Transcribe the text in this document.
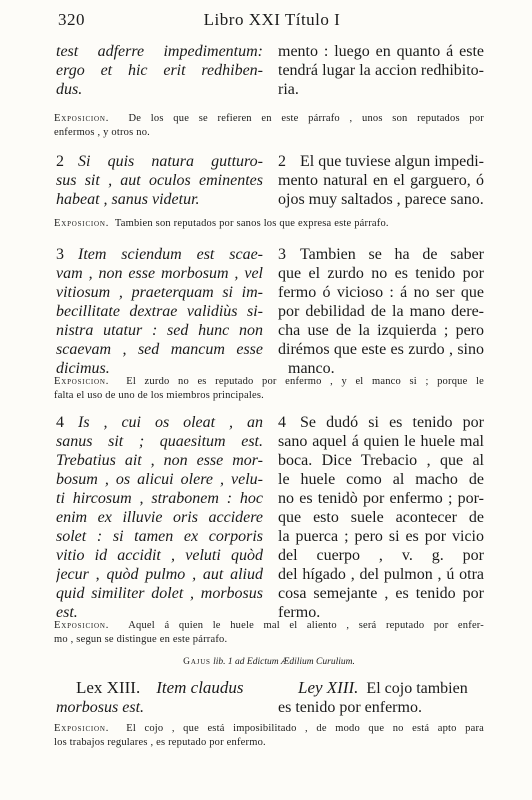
320	Libro XXI Título I
test adferre impedimentum:
ergo et hic erit redhiben-
dus.
mento : luego en quanto á este
tendrá lugar la accion redhibito-
ria.
Exposicion. De los que se refieren en este párrafo , unos son reputados por
enfermos , y otros no.
2 Si quis natura gutturo-
sus sit , aut oculos eminentes
habeat , sanus videtur.
2 El que tuviese algun impedi-
mento natural en el garguero, ó
ojos muy saltados , parece sano.
Exposicion. Tambien son reputados por sanos los que expresa este párrafo.
3 Item sciendum est scae-
vam , non esse morbosum , vel
vitiosum , praeterquam si im-
becillitate dextrae validiùs si-
nistra utatur : sed hunc non
scaevam , sed mancum esse
dicimus.
3 Tambien se ha de saber
que el zurdo no es tenido por
fermo ó vicioso : á no ser que
por debilidad de la mano dere-
cha use de la izquierda ; pero
dirémos que este es zurdo , sino
manco.
Exposicion. El zurdo no es reputado por enfermo , y el manco si ; porque le
falta el uso de uno de los miembros principales.
4 Is , cui os oleat , an
sanus sit ; quaesitum est.
Trebatius ait , non esse mor-
bosum , os alicui olere , velu-
ti hircosum , strabonem : hoc
enim ex illuvie oris accidere
solet : si tamen ex corporis
vitio id accidit , veluti quòd
jecur , quòd pulmo , aut aliud
quid similiter dolet , morbosus
est.
4 Se dudó si es tenido por
sano aquel á quien le huele mal
boca. Dice Trebacio , que al
le huele como al macho de
no es tenidò por enfermo ; por-
que esto suele acontecer de
la puerca ; pero si es por vicio
del cuerpo , v. g. por
del hígado , del pulmon , ú otra
cosa semejante , es tenido por
fermo.
Exposicion. Aquel á quien le huele mal el aliento , será reputado por enfer-
mo , segun se distingue en este párrafo.
Gajus lib. 1 ad Edictum Ædilium Curulium.
Lex XIII. Item claudus
morbosus est.
Ley XIII. El cojo tambien
es tenido por enfermo.
Exposicion. El cojo , que está imposibilitado , de modo que no está apto para
los trabajos regulares , es reputado por enfermo.
